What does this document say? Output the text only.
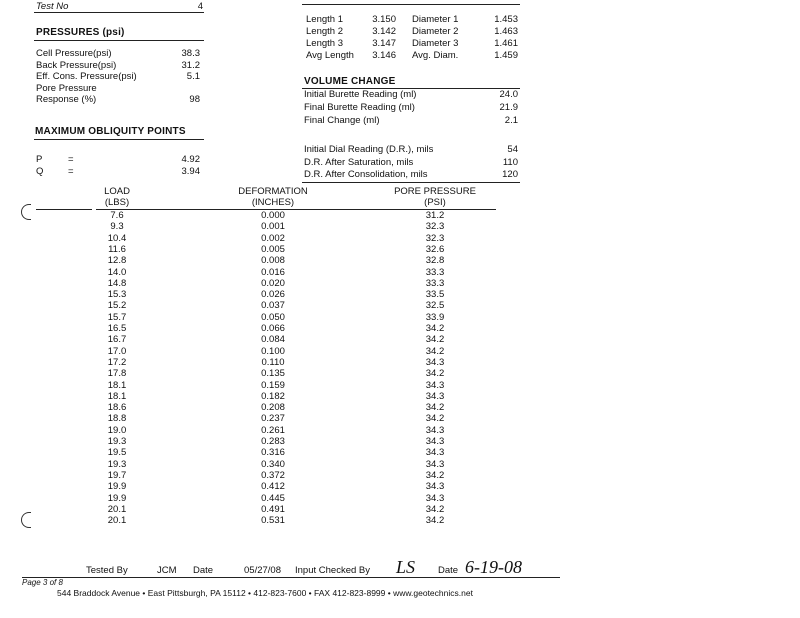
Test No	4
PRESSURES (psi)
Cell Pressure(psi)	38.3
Back Pressure(psi)	31.2
Eff. Cons. Pressure(psi)	5.1
Pore Pressure
Response (%)	98
MAXIMUM OBLIQUITY POINTS
P	=	4.92
Q	=	3.94
Length 1	3.150 Diameter 1	1.453
Length 2	3.142 Diameter 2	1.463
Length 3	3.147 Diameter 3	1.461
Avg Length	3.146 Avg. Diam.	1.459
VOLUME CHANGE
Initial Burette Reading (ml)	24.0
Final Burette Reading (ml)	21.9
Final Change (ml)	2.1
Initial Dial Reading (D.R.), mils	54
D.R. After Saturation, mils	110
D.R. After Consolidation, mils	120
LOAD
(LBS)
DEFORMATION
(INCHES)
PORE PRESSURE
(PSI)
7.6	0.000	31.2
9.3	0.001	32.3
10.4	0.002	32.3
11.6	0.005	32.6
12.8	0.008	32.8
14.0	0.016	33.3
14.8	0.020	33.3
15.3	0.026	33.5
15.2	0.037	32.5
15.7	0.050	33.9
16.5	0.066	34.2
16.7	0.084	34.2
17.0	0.100	34.2
17.2	0.110	34.3
17.8	0.135	34.2
18.1	0.159	34.3
18.1	0.182	34.3
18.6	0.208	34.2
18.8	0.237	34.2
19.0	0.261	34.3
19.3	0.283	34.3
19.5	0.316	34.3
19.3	0.340	34.3
19.7	0.372	34.2
19.9	0.412	34.3
19.9	0.445	34.3
20.1	0.491	34.2
20.1	0.531	34.2
Tested By	JCM Date	05/27/08 Input Checked By LS Date 6-19-08
Page 3 of 8
544 Braddock Avenue • East Pittsburgh, PA 15112 • 412-823-7600 • FAX 412-823-8999 • www.geotechnics.net
